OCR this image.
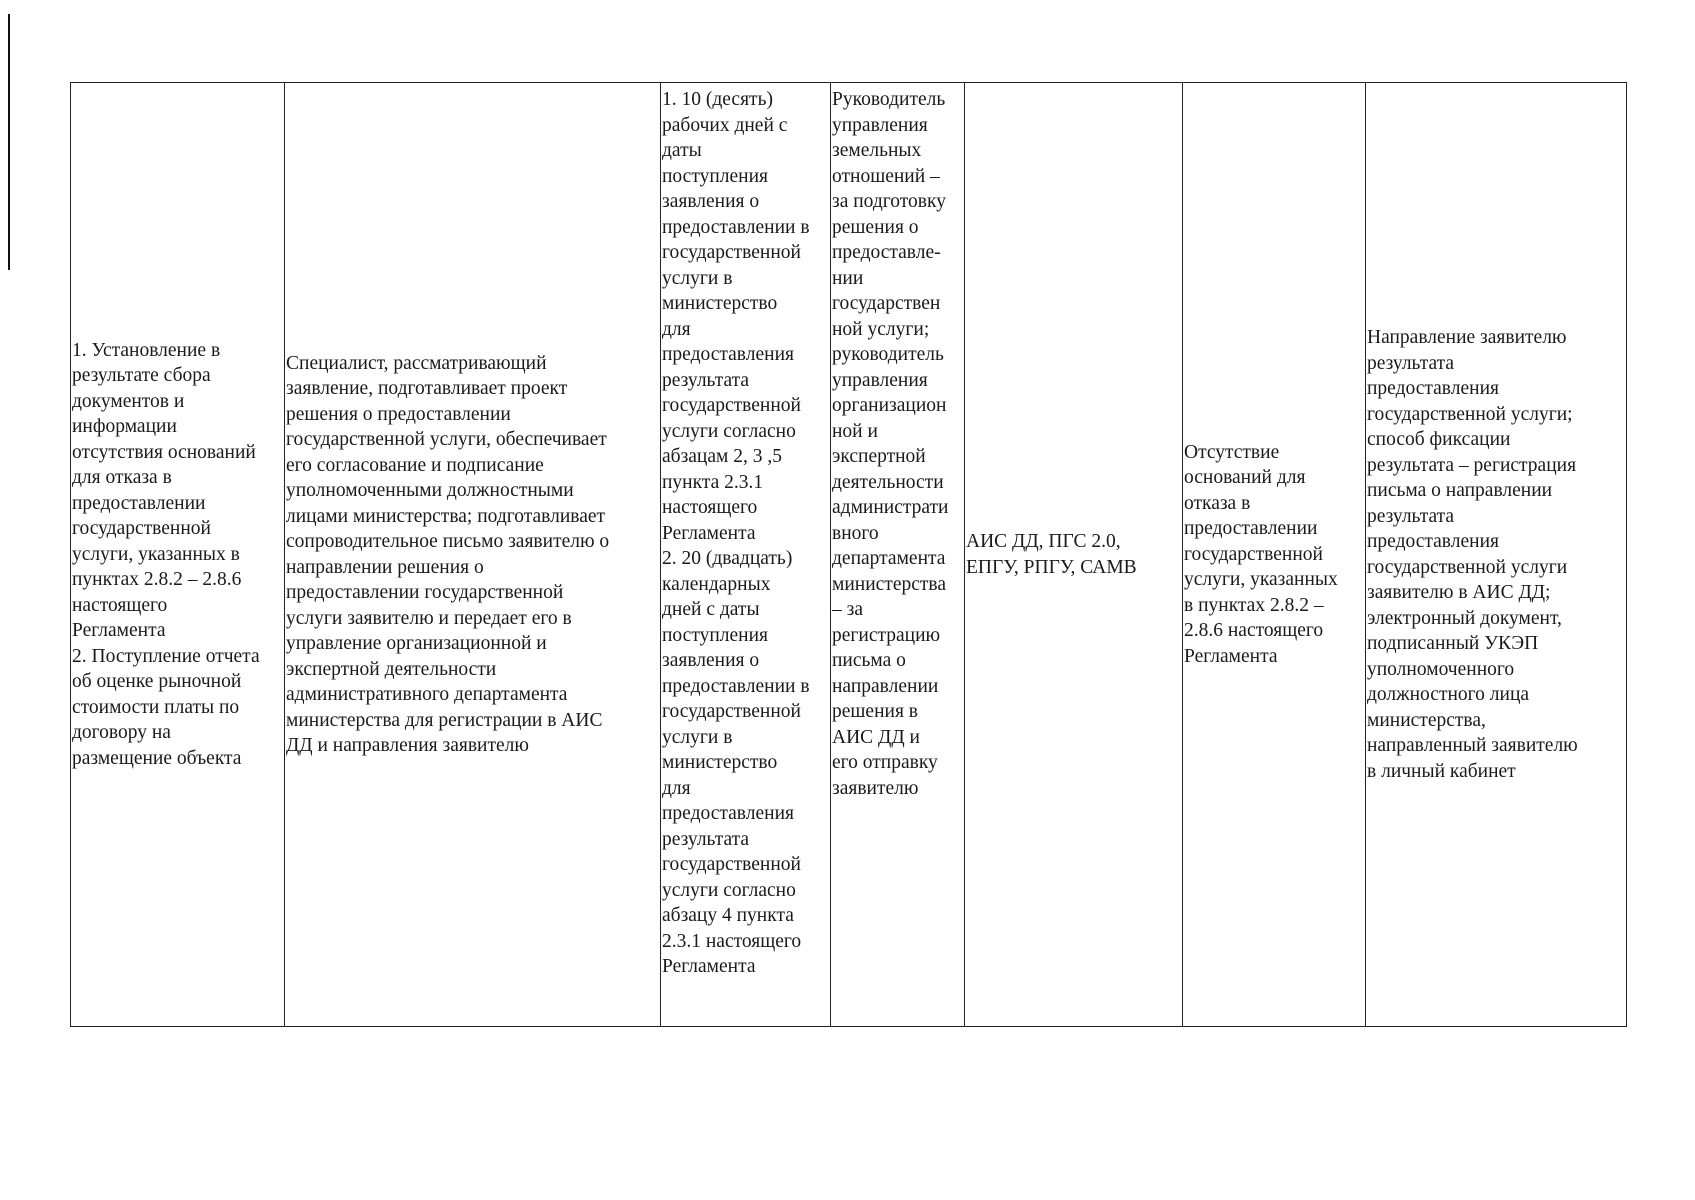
1. Установление в
результате сбора
документов и
информации
отсутствия оснований
для отказа в
предоставлении
государственной
услуги, указанных в
пунктах 2.8.2 – 2.8.6
настоящего
Регламента
2. Поступление отчета
об оценке рыночной
стоимости платы по
договору на
размещение объекта	Специалист, рассматривающий
заявление, подготавливает проект
решения о предоставлении
государственной услуги, обеспечивает
его согласование и подписание
уполномоченными должностными
лицами министерства; подготавливает
сопроводительное письмо заявителю о
направлении решения о
предоставлении государственной
услуги заявителю и передает его в
управление организационной и
экспертной деятельности
административного департамента
министерства для регистрации в АИС
ДД и направления заявителю	1. 10 (десять)
рабочих дней с
даты
поступления
заявления о
предоставлении в
государственной
услуги в
министерство
для
предоставления
результата
государственной
услуги согласно
абзацам 2, 3 ,5
пункта 2.3.1
настоящего
Регламента
2. 20 (двадцать)
календарных
дней с даты
поступления
заявления о
предоставлении в
государственной
услуги в
министерство
для
предоставления
результата
государственной
услуги согласно
абзацу 4 пункта
2.3.1 настоящего
Регламента	Руководитель
управления
земельных
отношений –
за подготовку
решения о
предоставле-
нии
государствен
ной услуги;
руководитель
управления
организацион
ной и
экспертной
деятельности
администрати
вного
департамента
министерства
– за
регистрацию
письма о
направлении
решения в
АИС ДД и
его отправку
заявителю	АИС ДД, ПГС 2.0,
ЕПГУ, РПГУ, САМВ	Отсутствие
оснований для
отказа в
предоставлении
государственной
услуги, указанных
в пунктах 2.8.2 –
2.8.6 настоящего
Регламента	Направление заявителю
результата
предоставления
государственной услуги;
способ фиксации
результата – регистрация
письма о направлении
результата
предоставления
государственной услуги
заявителю в АИС ДД;
электронный документ,
подписанный УКЭП
уполномоченного
должностного лица
министерства,
направленный заявителю
в личный кабинет
